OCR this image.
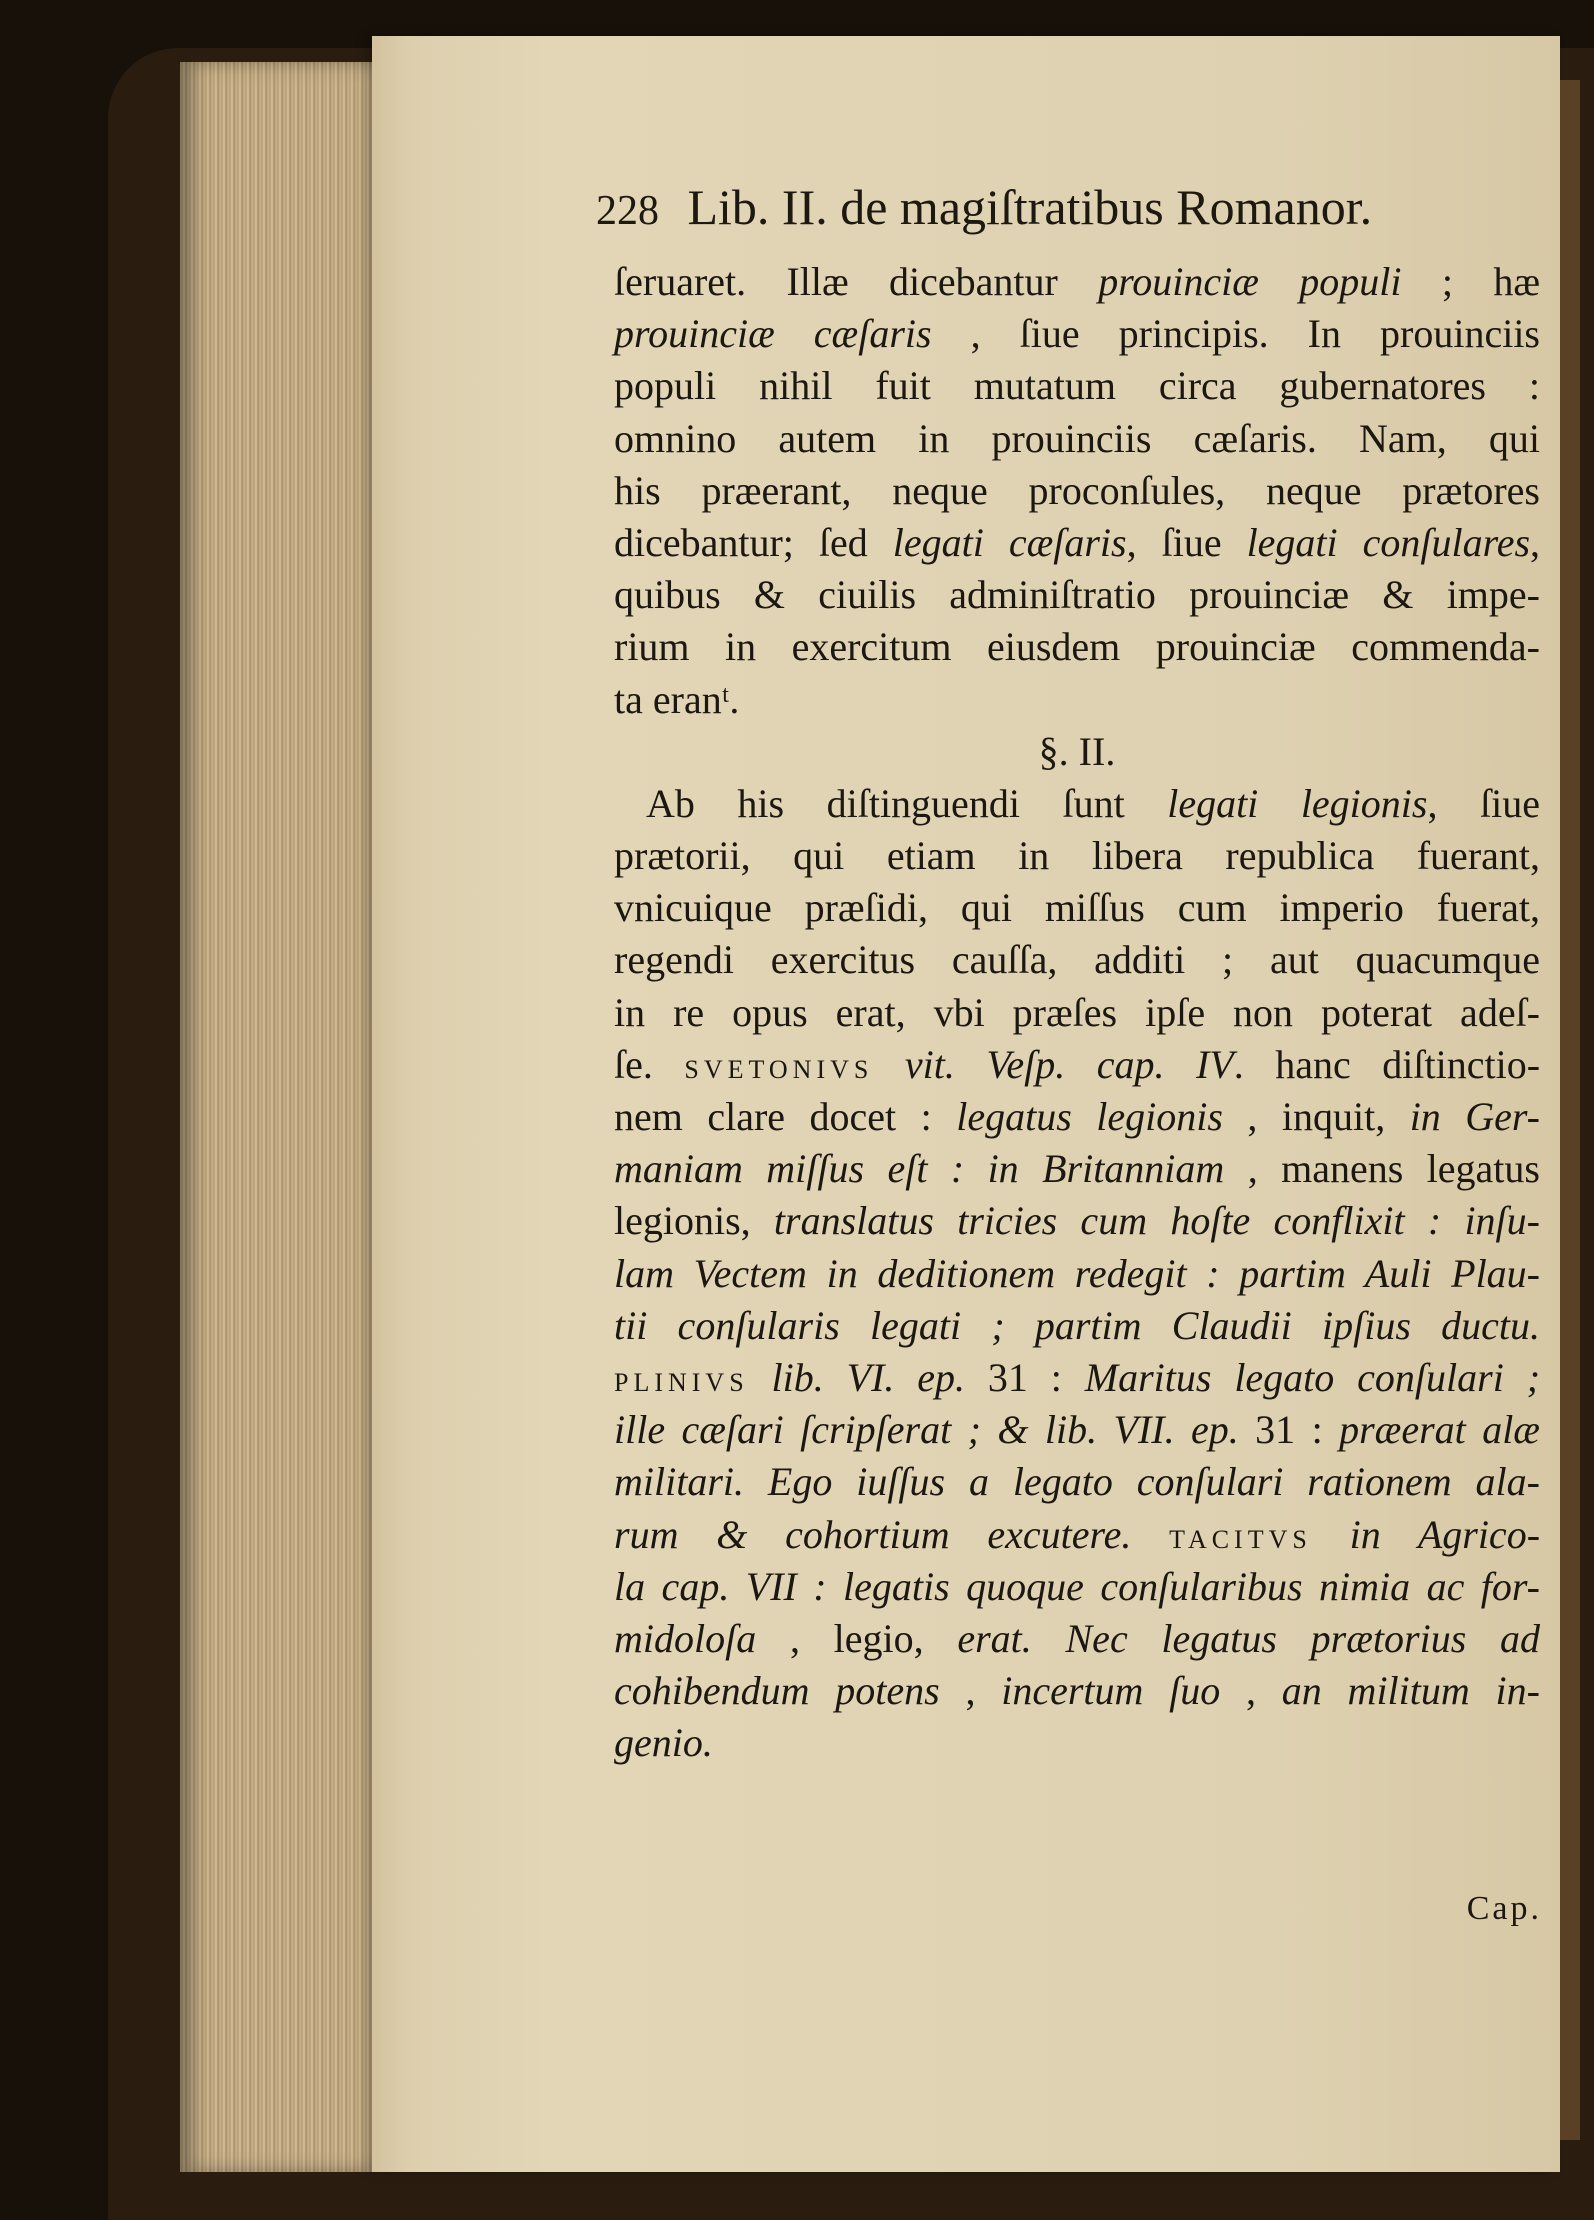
228 Lib. II. de magiſtratibus Romanor.
ſeruaret. Illæ dicebantur prouinciæ populi ; hæ
prouinciæ cæſaris , ſiue principis. In prouinciis
populi nihil fuit mutatum circa gubernatores :
omnino autem in prouinciis cæſaris. Nam, qui
his præerant, neque proconſules, neque prætores
dicebantur; ſed legati cæſaris, ſiue legati conſulares,
quibus & ciuilis adminiſtratio prouinciæ & impe-
rium in exercitum eiusdem prouinciæ commenda-
ta eranᵗ.
§. II.
Ab his diſtinguendi ſunt legati legionis, ſiue
prætorii, qui etiam in libera republica fuerant,
vnicuique præſidi, qui miſſus cum imperio fuerat,
regendi exercitus cauſſa, additi ; aut quacumque
in re opus erat, vbi præſes ipſe non poterat adeſ-
ſe. SVETONIVS vit. Veſp. cap. IV. hanc diſtinctio-
nem clare docet : legatus legionis , inquit, in Ger-
maniam miſſus eſt : in Britanniam , manens legatus
legionis, translatus tricies cum hoſte conflixit : inſu-
lam Vectem in deditionem redegit : partim Auli Plau-
tii conſularis legati ; partim Claudii ipſius ductu.
PLINIVS lib. VI. ep. 31 : Maritus legato conſulari ;
ille cæſari ſcripſerat ; & lib. VII. ep. 31 : præerat alæ
militari. Ego iuſſus a legato conſulari rationem ala-
rum & cohortium excutere. TACITVS in Agrico-
la cap. VII : legatis quoque conſularibus nimia ac for-
midoloſa , legio, erat. Nec legatus prætorius ad
cohibendum potens , incertum ſuo , an militum in-
genio.
Cap.
